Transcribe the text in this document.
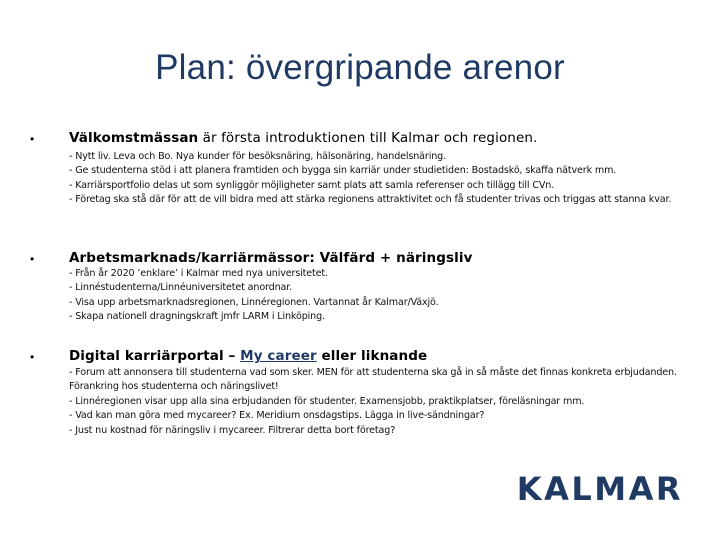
Plan: övergripande arenor
•	Välkomstmässan är första introduktionen till Kalmar och regionen.
- Nytt liv. Leva och Bo. Nya kunder för besöksnäring, hälsonäring, handelsnäring.
- Ge studenterna stöd i att planera framtiden och bygga sin karriär under studietiden: Bostadskö, skaffa nätverk mm.
- Karriärsportfolio delas ut som synliggör möjligheter samt plats att samla referenser och tillägg till CVn.
- Företag ska stå där för att de vill bidra med att stärka regionens attraktivitet och få studenter trivas och triggas att stanna kvar.
•	Arbetsmarknads/karriärmässor: Välfärd + näringsliv
- Från år 2020 ’enklare’ i Kalmar med nya universitetet.
- Linnéstudenterna/Linnéuniversitetet anordnar.
- Visa upp arbetsmarknadsregionen, Linnéregionen. Vartannat år Kalmar/Växjö.
- Skapa nationell dragningskraft jmfr LARM i Linköping.
•	Digital karriärportal – My career eller liknande
- Forum att annonsera till studenterna vad som sker. MEN för att studenterna ska gå in så måste det finnas konkreta erbjudanden. Förankring hos studenterna och näringslivet!
- Linnéregionen visar upp alla sina erbjudanden för studenter. Examensjobb, praktikplatser, föreläsningar mm.
- Vad kan man göra med mycareer? Ex. Meridium onsdagstips. Lägga in live-sändningar?
- Just nu kostnad för näringsliv i mycareer. Filtrerar detta bort företag?
KALMAR
